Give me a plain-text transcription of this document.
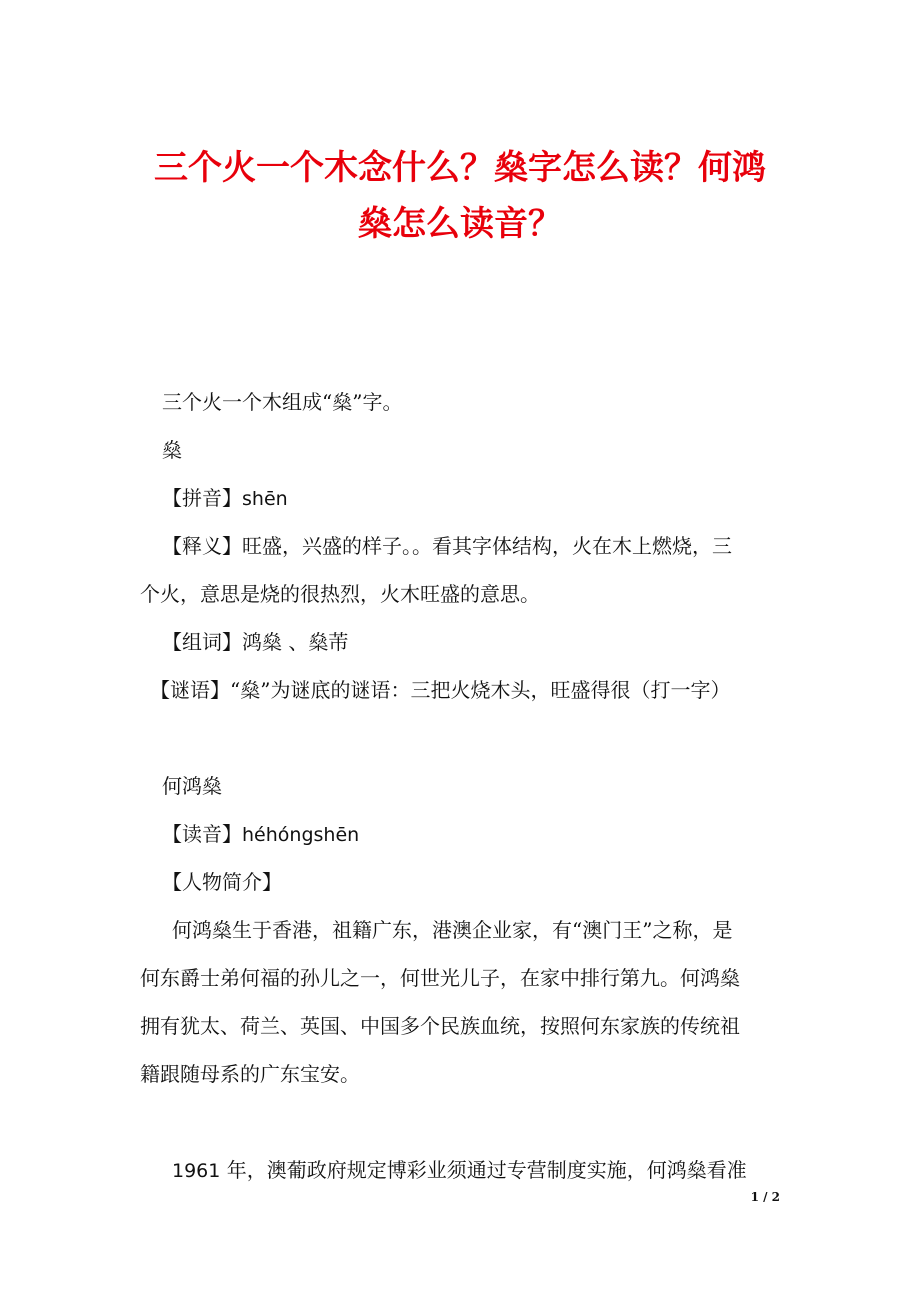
三个火一个木念什么？燊字怎么读？何鸿
燊怎么读音？
三个火一个木组成“燊”字。
燊
【拼音】shēn
【释义】旺盛，兴盛的样子。。看其字体结构，火在木上燃烧，三
个火，意思是烧的很热烈，火木旺盛的意思。
【组词】鸿燊 、燊芾
【谜语】“燊”为谜底的谜语：三把火烧木头，旺盛得很（打一字）
何鸿燊
【读音】héhóngshēn
【人物简介】
何鸿燊生于香港，祖籍广东，港澳企业家，有“澳门王”之称，是
何东爵士弟何福的孙儿之一，何世光儿子，在家中排行第九。何鸿燊
拥有犹太、荷兰、英国、中国多个民族血统，按照何东家族的传统祖
籍跟随母系的广东宝安。
1961 年，澳葡政府规定博彩业须通过专营制度实施，何鸿燊看准
1 / 2
